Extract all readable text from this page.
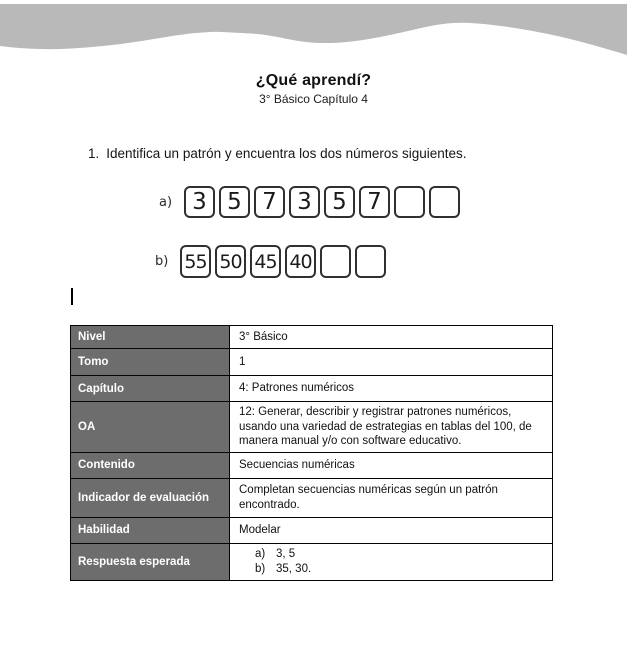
¿Qué aprendí?
3° Básico Capítulo 4
1. Identifica un patrón y encuentra los dos números siguientes.
a) 3 5 7 3 5 7
b) 55 50 45 40
Nivel	3° Básico
Tomo	1
Capítulo	4: Patrones numéricos
OA	12: Generar, describir y registrar patrones numéricos, usando una variedad de estrategias en tablas del 100, de manera manual y/o con software educativo.
Contenido	Secuencias numéricas
Indicador de evaluación	Completan secuencias numéricas según un patrón encontrado.
Habilidad	Modelar
Respuesta esperada	a) 3, 5
b) 35, 30.
